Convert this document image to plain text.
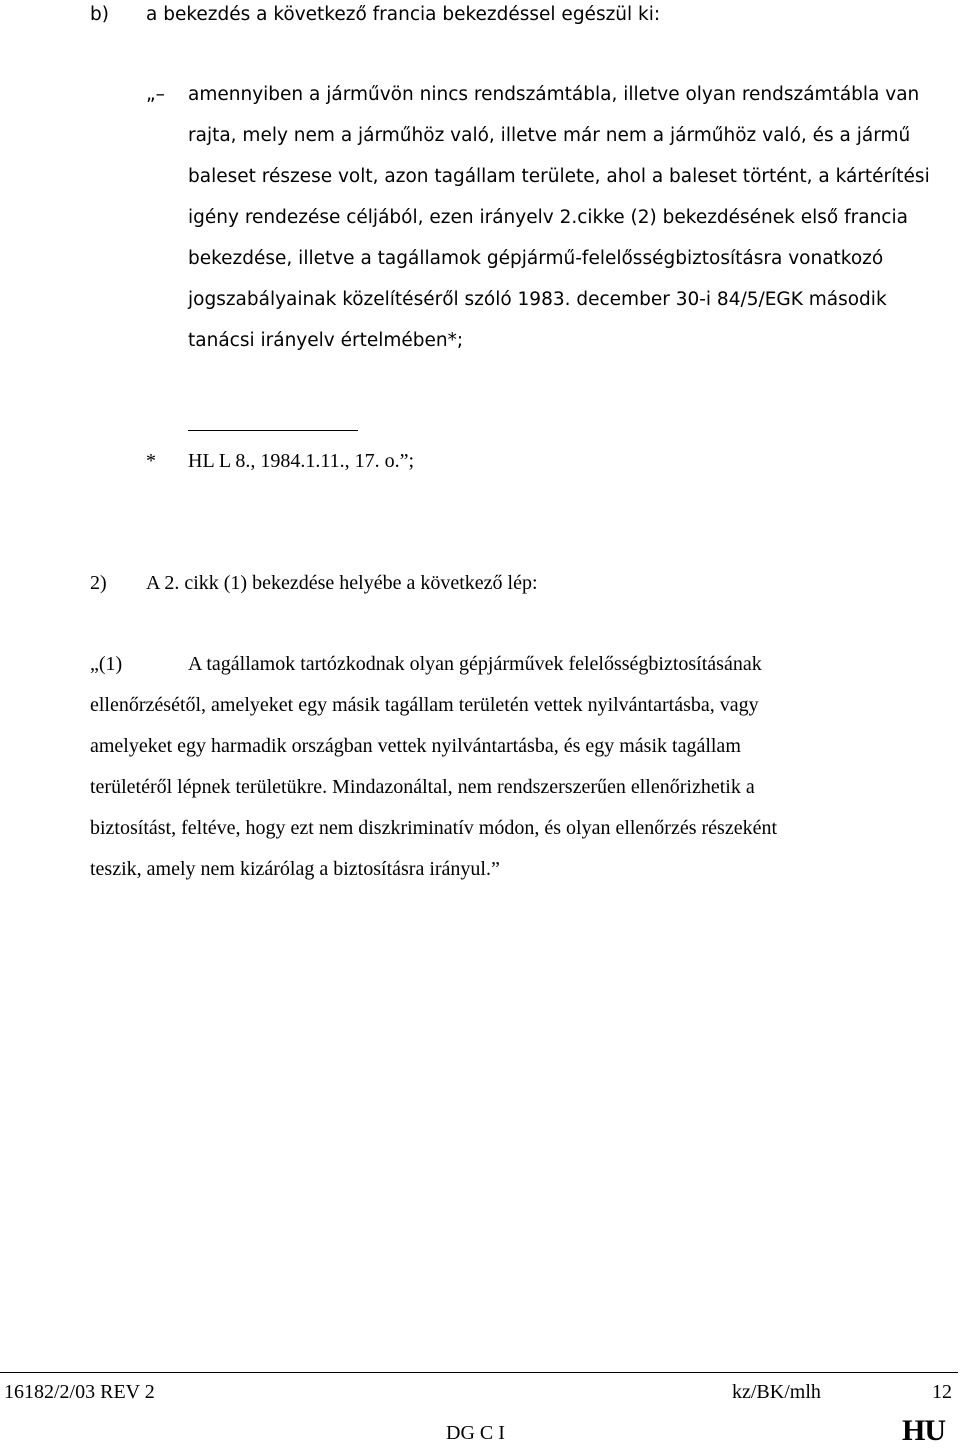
b) a bekezdés a következő francia bekezdéssel egészül ki:
„– amennyiben a járművön nincs rendszámtábla, illetve olyan rendszámtábla van
rajta, mely nem a járműhöz való, illetve már nem a járműhöz való, és a jármű
baleset részese volt, azon tagállam területe, ahol a baleset történt, a kártérítési
igény rendezése céljából, ezen irányelv 2.cikke (2) bekezdésének első francia
bekezdése, illetve a tagállamok gépjármű-felelősségbiztosításra vonatkozó
jogszabályainak közelítéséről szóló 1983. december 30-i 84/5/EGK második
tanácsi irányelv értelmében*;
* HL L 8., 1984.1.11., 17. o.”;
2) A 2. cikk (1) bekezdése helyébe a következő lép:
„(1)	A tagállamok tartózkodnak olyan gépjárművek felelősségbiztosításának
ellenőrzésétől, amelyeket egy másik tagállam területén vettek nyilvántartásba, vagy
amelyeket egy harmadik országban vettek nyilvántartásba, és egy másik tagállam
területéről lépnek területükre. Mindazonáltal, nem rendszerszerűen ellenőrizhetik a
biztosítást, feltéve, hogy ezt nem diszkriminatív módon, és olyan ellenőrzés részeként
teszik, amely nem kizárólag a biztosításra irányul.”
16182/2/03 REV 2	kz/BK/mlh	12
DG C I	HU
